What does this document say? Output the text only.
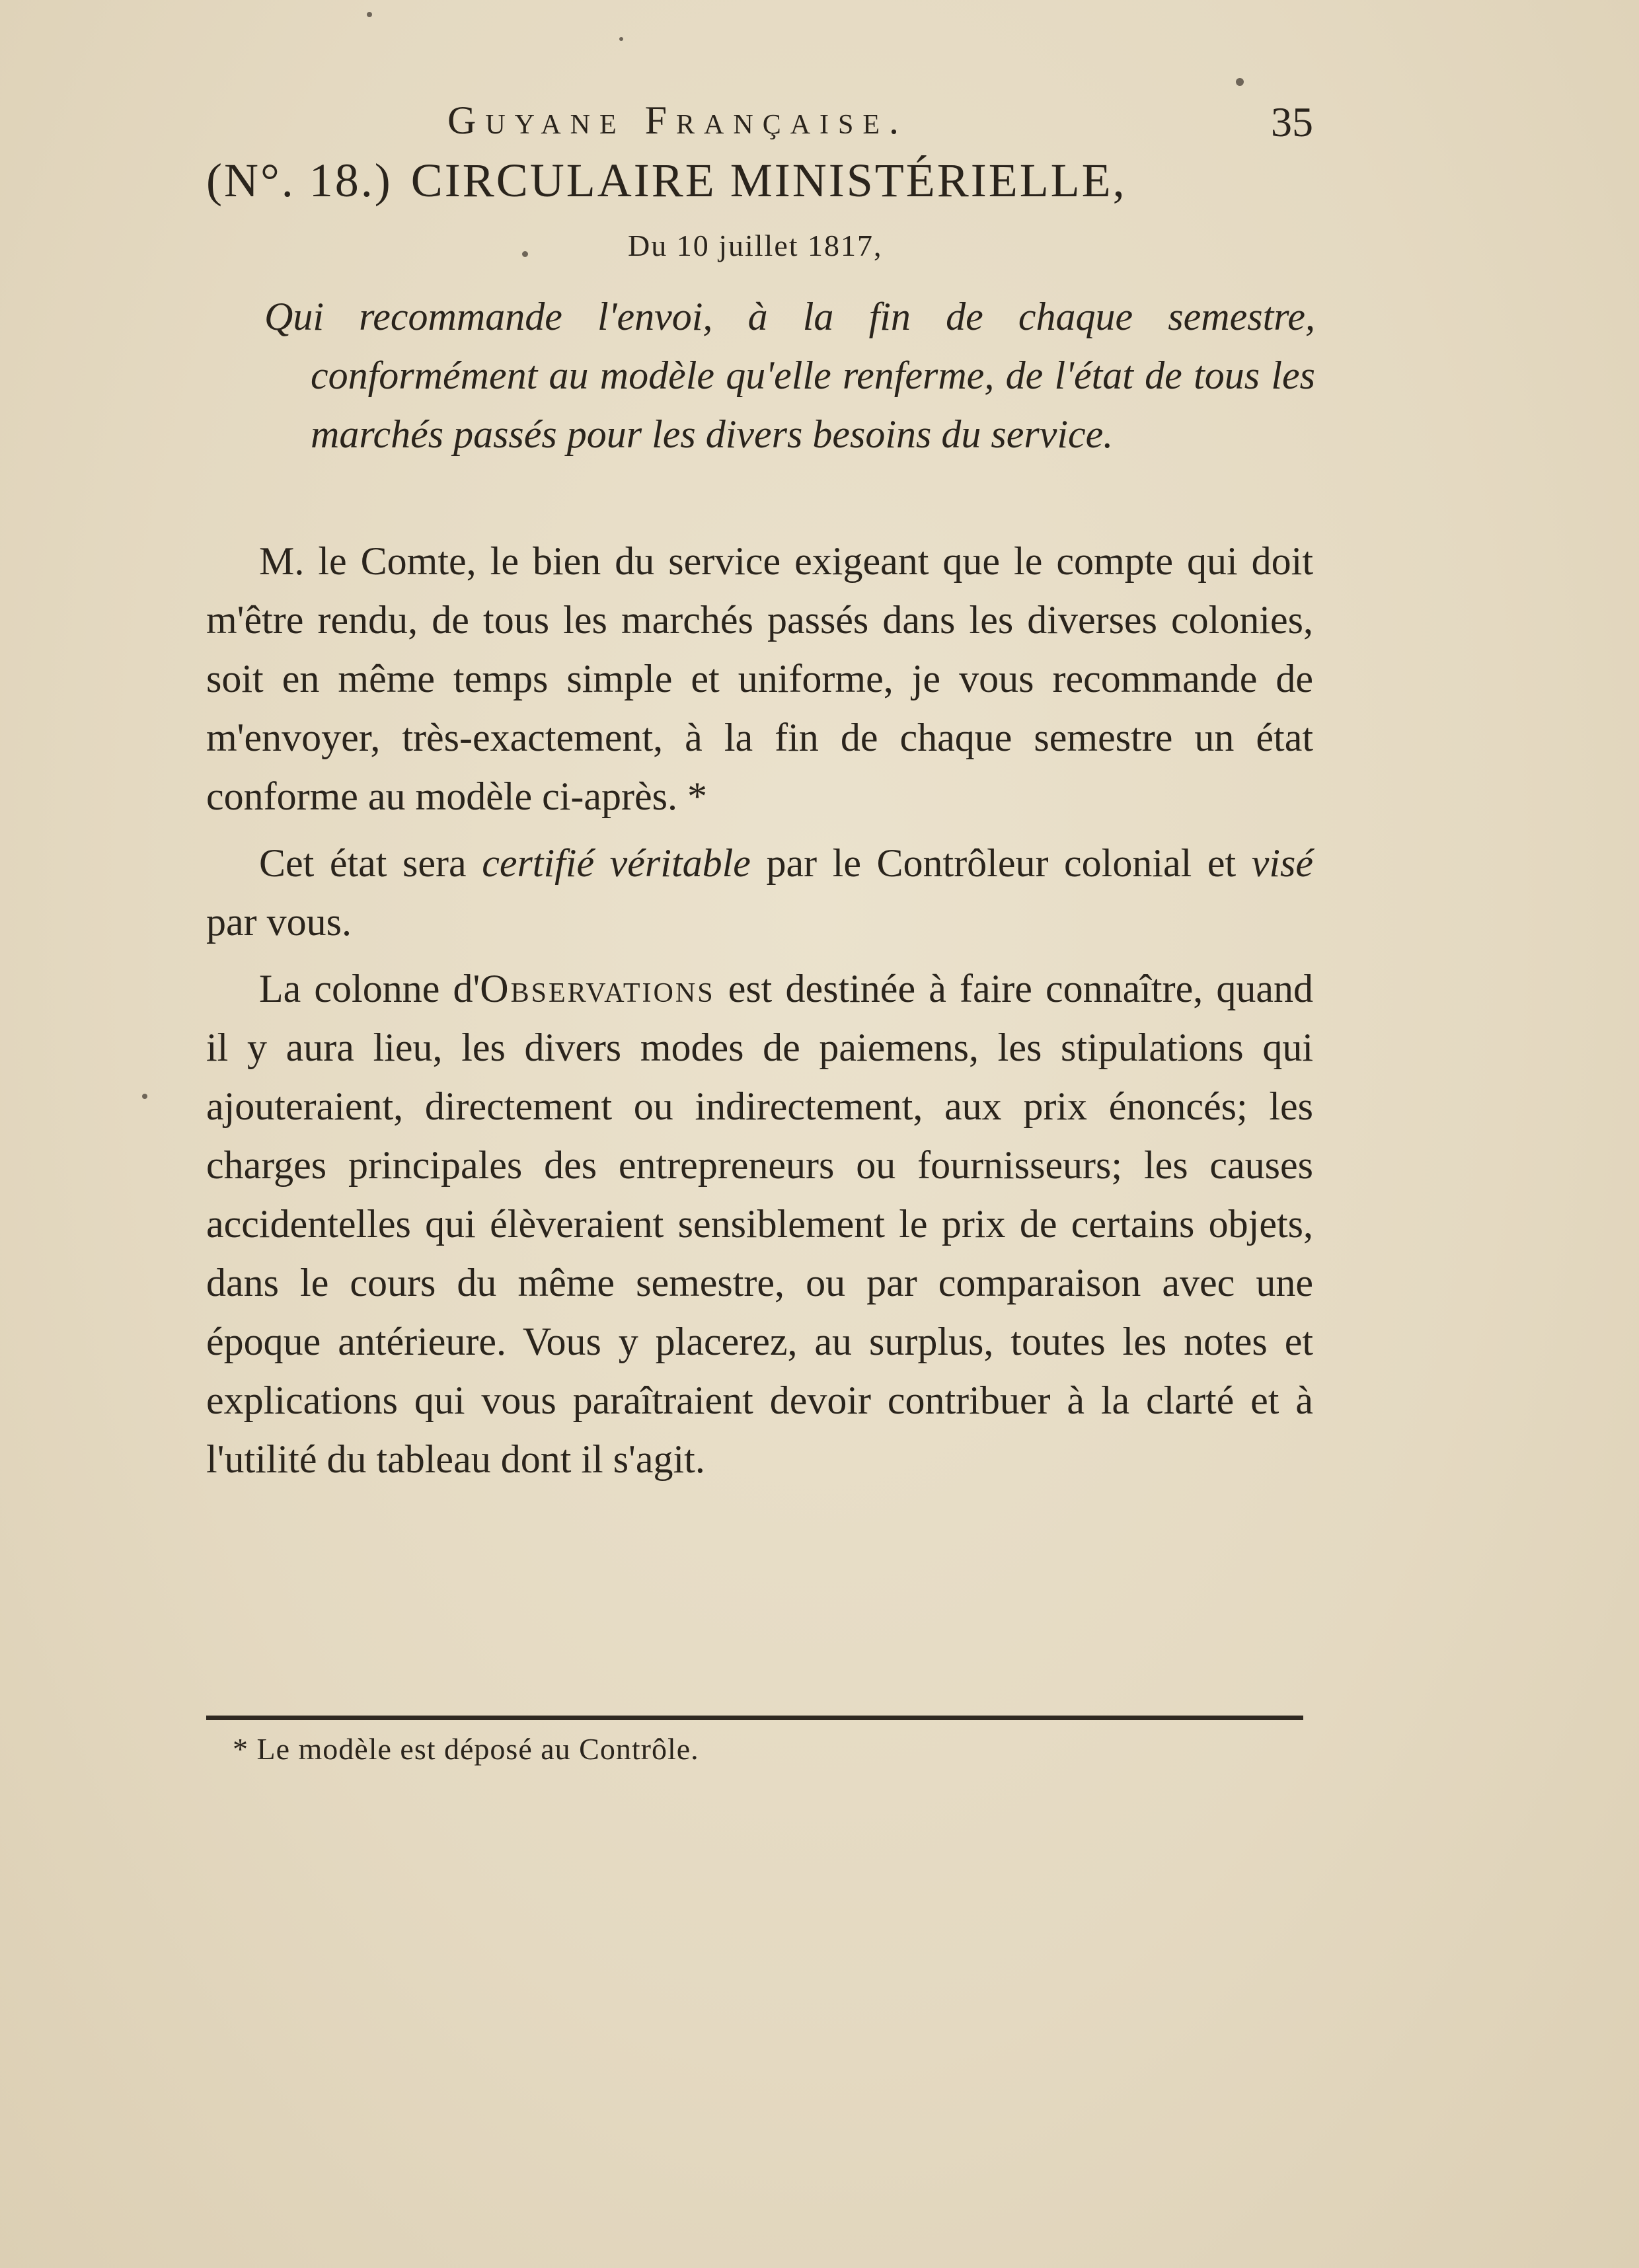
Guyane Française.	35
(N°. 18.) CIRCULAIRE MINISTÉRIELLE,
Du 10 juillet 1817,
Qui recommande l'envoi, à la fin de chaque semestre, conformément au modèle qu'elle renferme, de l'état de tous les marchés passés pour les divers besoins du service.

M. le Comte, le bien du service exigeant que le compte qui doit m'être rendu, de tous les marchés passés dans les diverses colonies, soit en même temps simple et uniforme, je vous recommande de m'envoyer, très-exactement, à la fin de chaque semestre un état conforme au modèle ci-après. *

Cet état sera certifié véritable par le Contrôleur colonial et visé par vous.

La colonne d'Observations est destinée à faire connaître, quand il y aura lieu, les divers modes de paiemens, les stipulations qui ajouteraient, directement ou indirectement, aux prix énoncés; les charges principales des entrepreneurs ou fournisseurs; les causes accidentelles qui élèveraient sensiblement le prix de certains objets, dans le cours du même semestre, ou par comparaison avec une époque antérieure. Vous y placerez, au surplus, toutes les notes et explications qui vous paraîtraient devoir contribuer à la clarté et à l'utilité du tableau dont il s'agit.

* Le modèle est déposé au Contrôle.
